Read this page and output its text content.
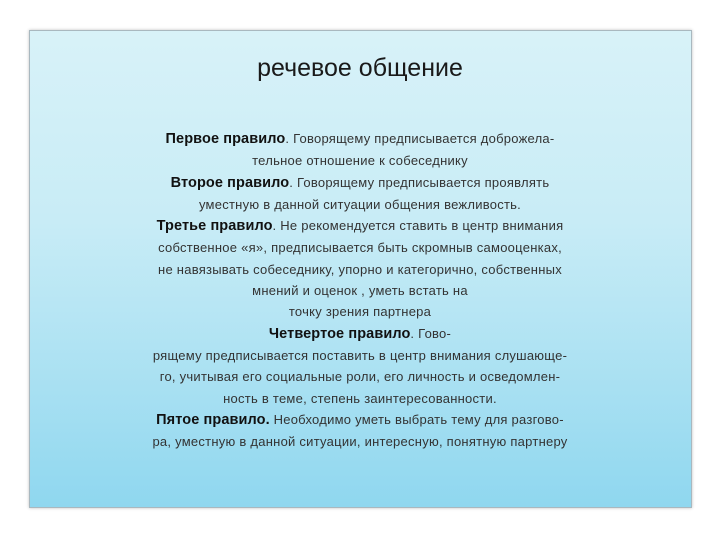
речевое общение
Первое правило. Говорящему предписывается доброжела-
тельное отношение к собеседнику
Второе правило. Говорящему предписывается проявлять
уместную в данной ситуации общения вежливость.
Третье правило. Не рекомендуется ставить в центр внимания
собственное «я», предписывается быть скромныв самооценках,
не навязывать собеседнику, упорно и категорично, собственных
мнений и оценок , уметь встать на
точку зрения партнера
Четвертое правило. Гово-
рящему предписывается поставить в центр внимания слушающе-
го, учитывая его социальные роли, его личность и осведомлен-
ность в теме, степень заинтересованности.
Пятое правило. Необходимо уметь выбрать тему для разгово-
ра, уместную в данной ситуации, интересную, понятную партнеру
